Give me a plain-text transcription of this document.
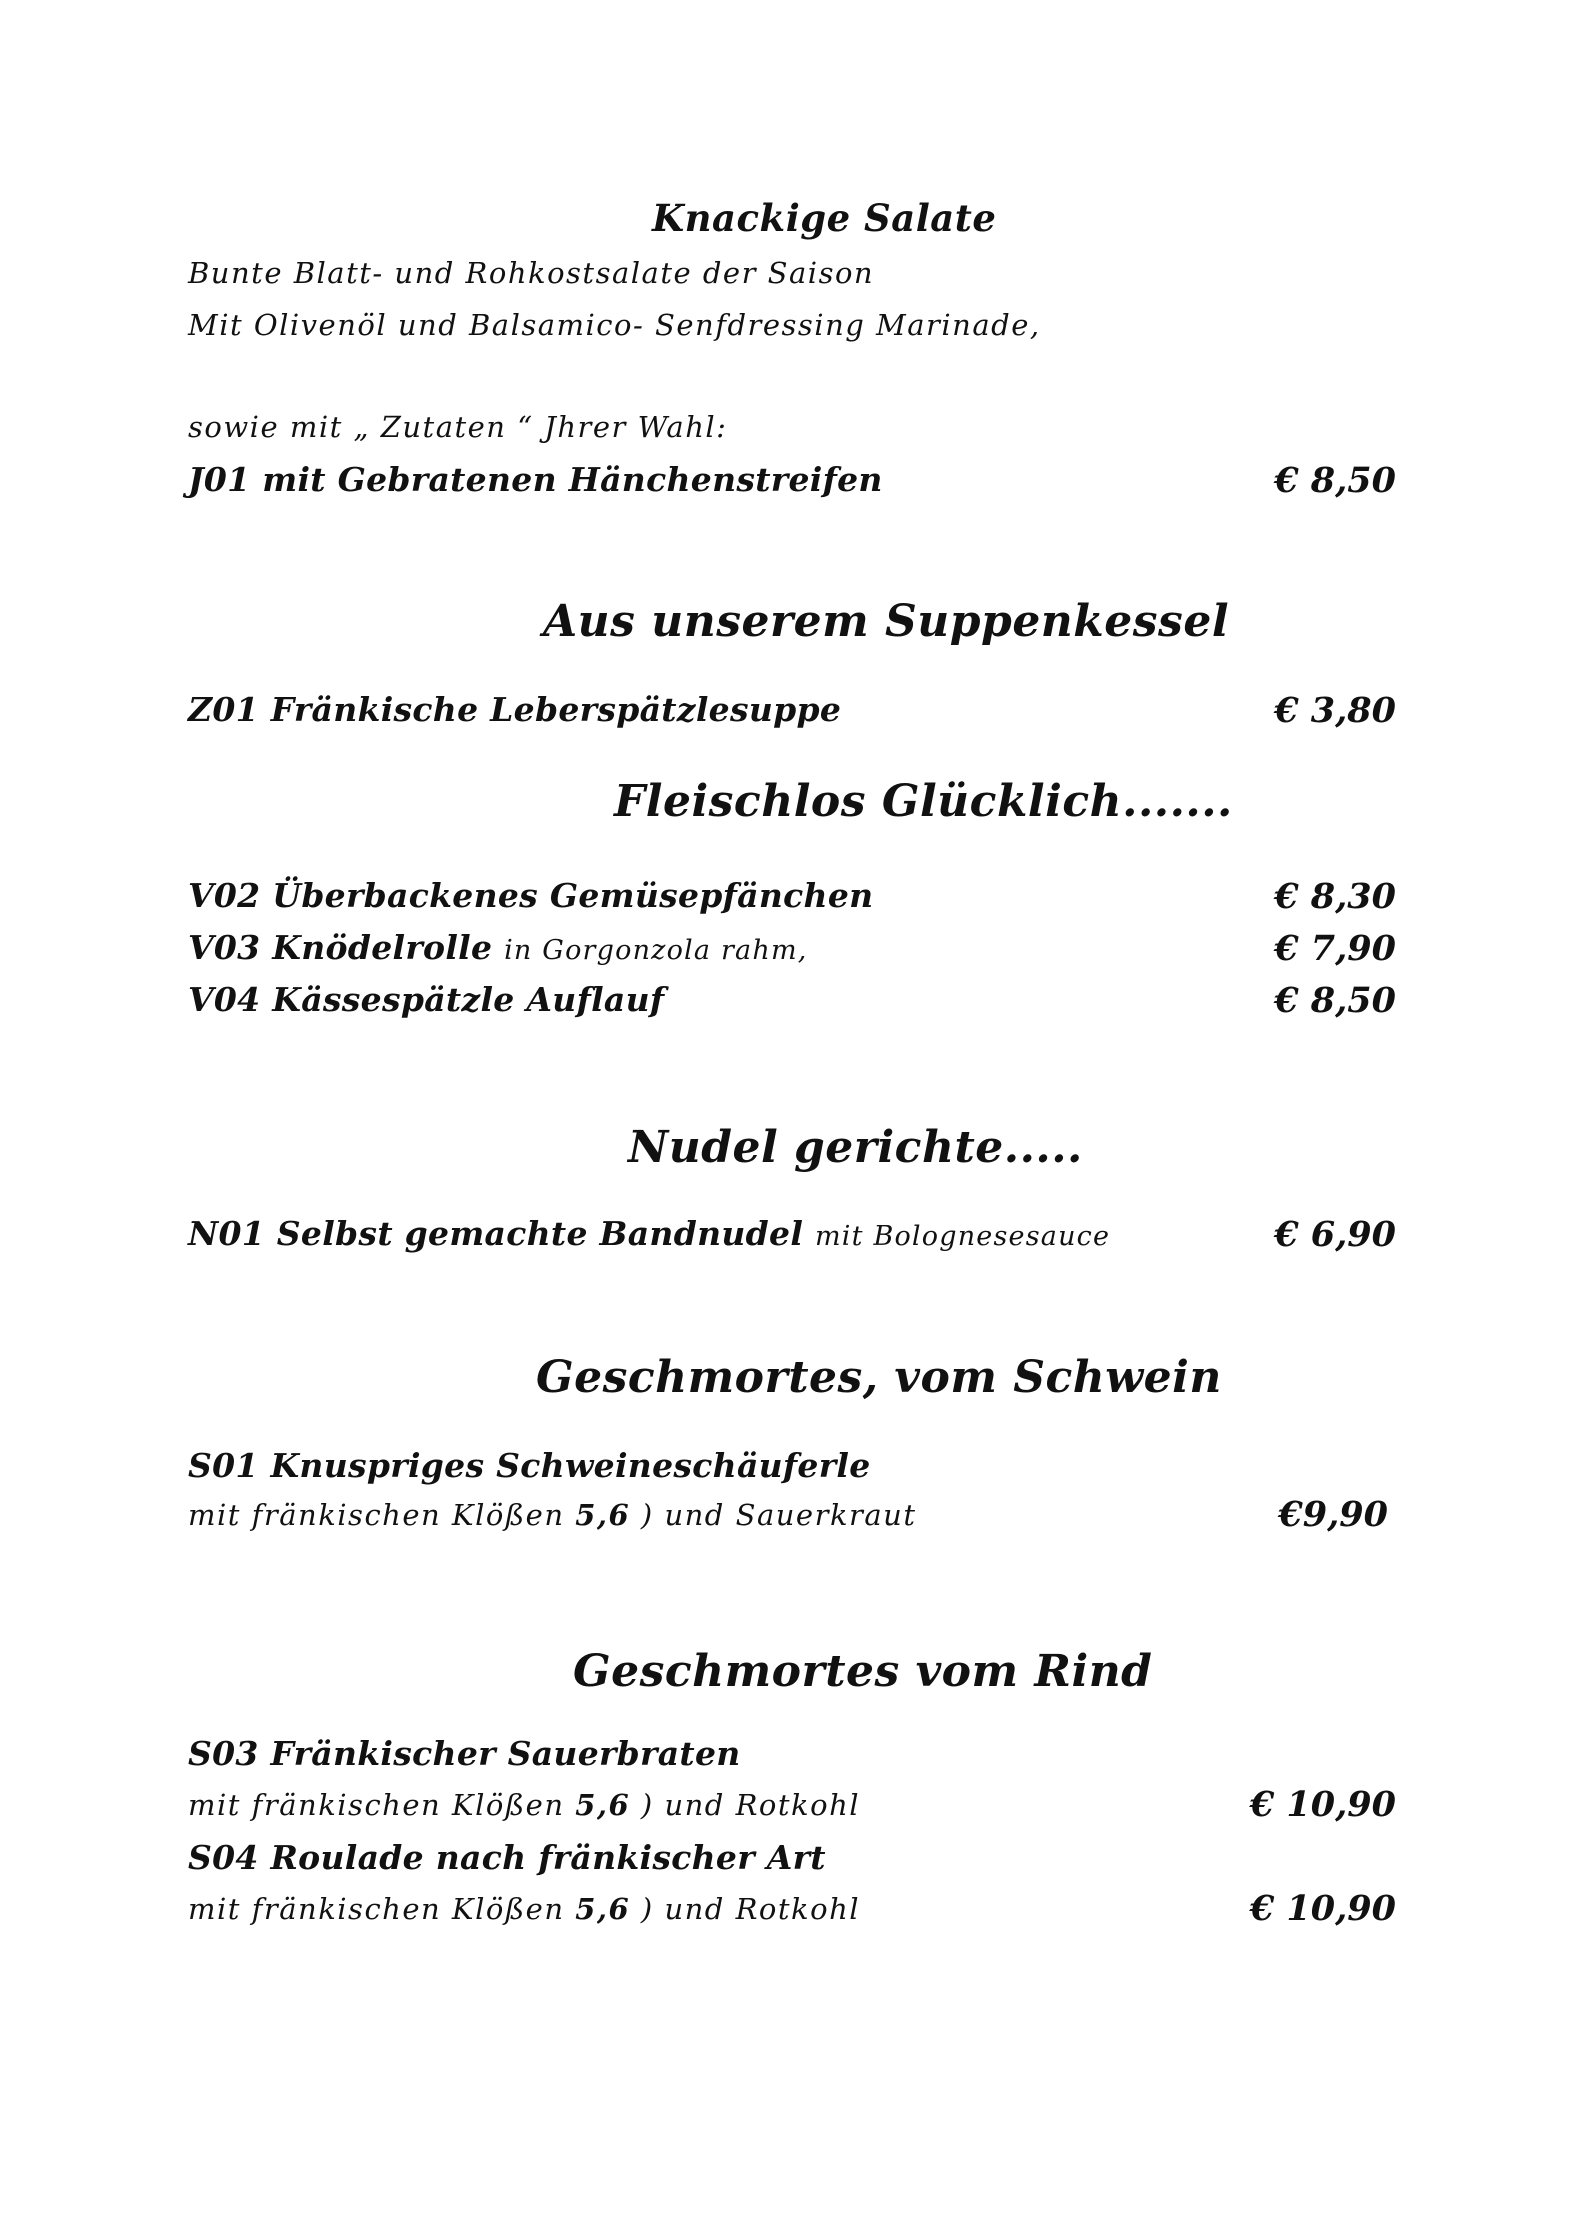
Knackige Salate
Bunte Blatt- und Rohkostsalate der Saison
Mit Olivenöl und Balsamico- Senfdressing Marinade,
sowie mit „ Zutaten “ Jhrer Wahl:
J01 mit Gebratenen Hänchenstreifen	€ 8,50
Aus unserem Suppenkessel
Z01 Fränkische Leberspätzlesuppe	€ 3,80
Fleischlos Glücklich.......
V02 Überbackenes Gemüsepfänchen	€ 8,30
V03 Knödelrolle in Gorgonzola rahm,	€ 7,90
V04 Kässespätzle Auflauf	€ 8,50
Nudel gerichte.....
N01 Selbst gemachte Bandnudel mit Bolognesesauce	€ 6,90
Geschmortes, vom Schwein
S01 Knuspriges Schweineschäuferle
mit fränkischen Klößen 5,6 ) und Sauerkraut	€9,90
Geschmortes vom Rind
S03 Fränkischer Sauerbraten
mit fränkischen Klößen 5,6 ) und Rotkohl	€ 10,90
S04 Roulade nach fränkischer Art
mit fränkischen Klößen 5,6 ) und Rotkohl	€ 10,90
